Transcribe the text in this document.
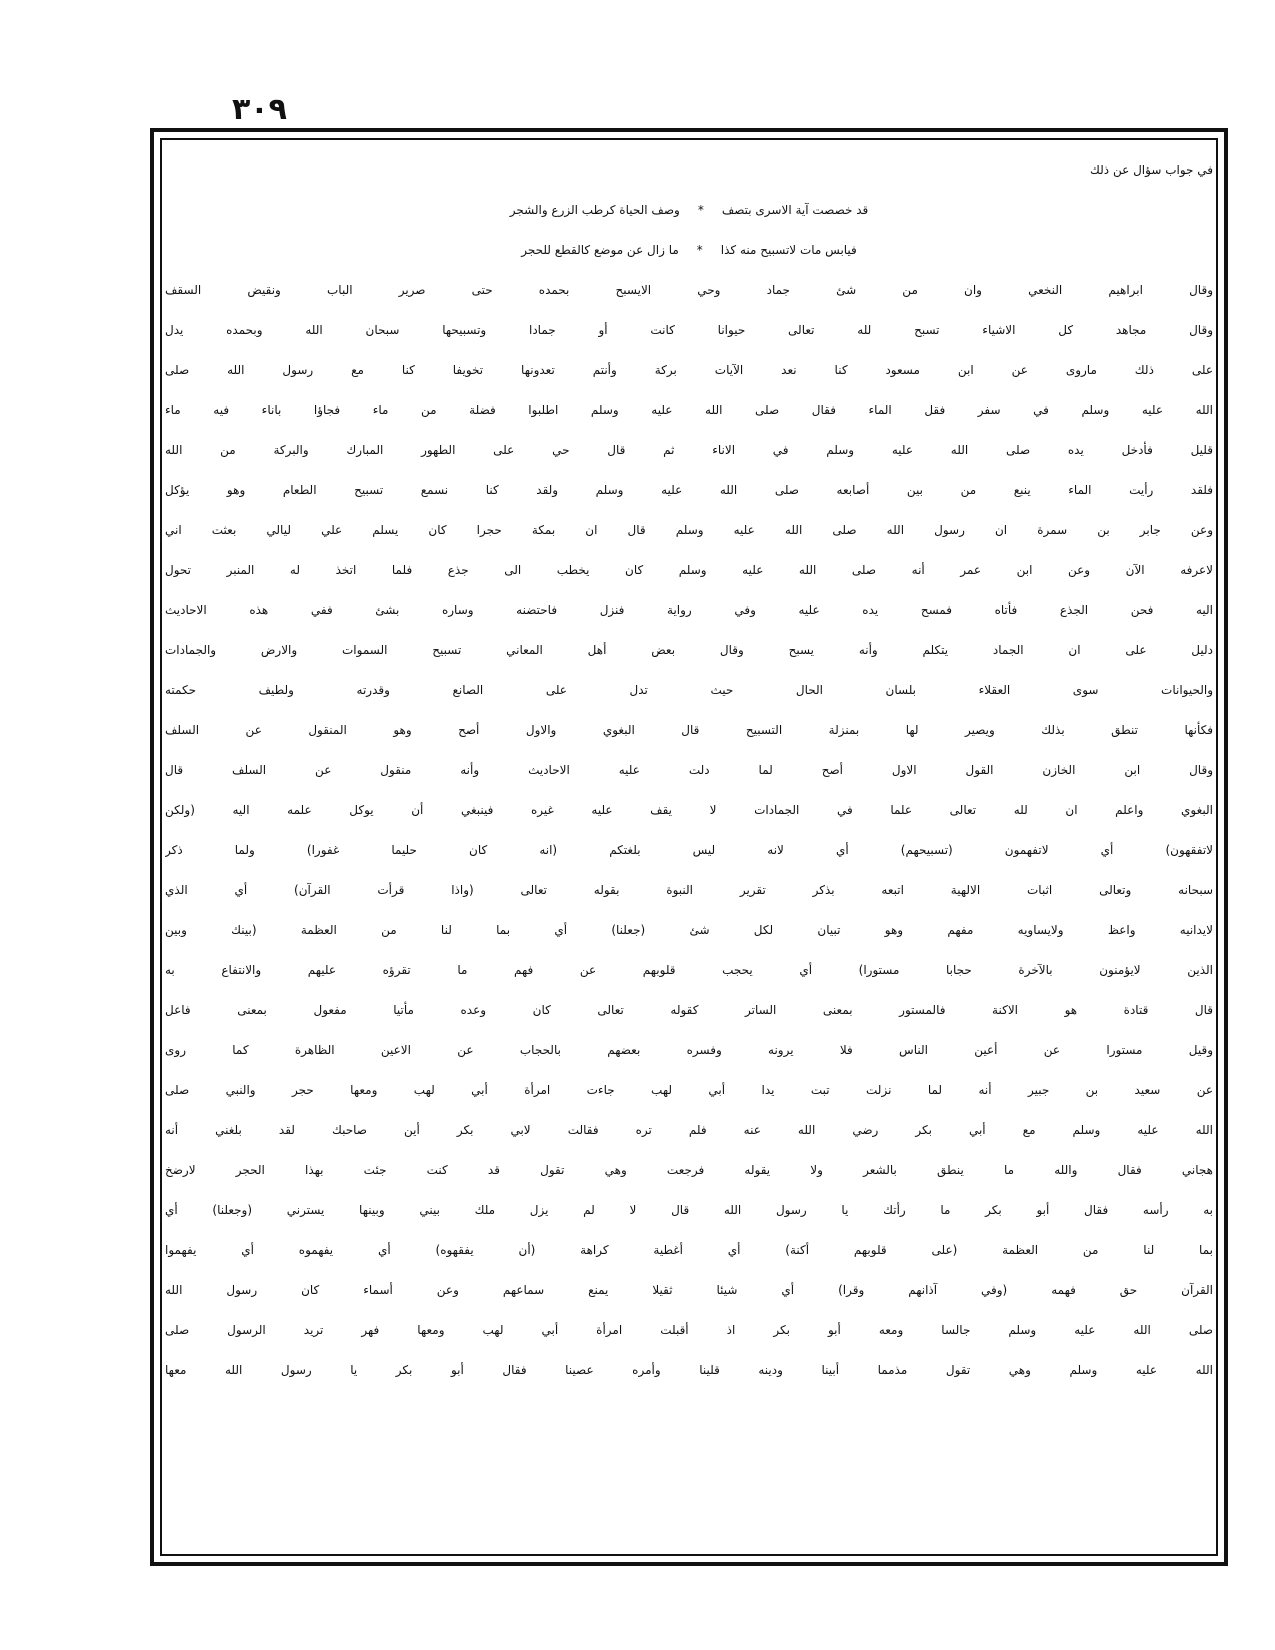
٣٠٩
في جواب سؤال عن ذلك
قد خصصت آية الاسرى بتصف
*
وصف الحياة كرطب الزرع والشجر
فيابس مات لاتسبيح منه كذا
*
ما زال عن موضع كالقطع للحجر
وقال ابراهيم النخعي وان من شئ جماد وحي الايسبح بحمده حتى صرير الباب ونقيض السقف
وقال مجاهد كل الاشياء تسبح لله تعالى حيوانا كانت أو جمادا وتسبيحها سبحان الله وبحمده يدل
على ذلك ماروى عن ابن مسعود كنا نعد الآيات بركة وأنتم تعدونها تخويفا كنا مع رسول الله صلى
الله عليه وسلم في سفر فقل الماء فقال صلى الله عليه وسلم اطلبوا فضلة من ماء فجاؤا باناء فيه ماء
قليل فأدخل يده صلى الله عليه وسلم في الاناء ثم قال حي على الطهور المبارك والبركة من الله
فلقد رأيت الماء ينبع من بين أصابعه صلى الله عليه وسلم ولقد كنا نسمع تسبيح الطعام وهو يؤكل
وعن جابر بن سمرة ان رسول الله صلى الله عليه وسلم قال ان بمكة حجرا كان يسلم علي ليالي بعثت اني
لاعرفه الآن وعن ابن عمر أنه صلى الله عليه وسلم كان يخطب الى جذع فلما اتخذ له المنبر تحول
اليه فحن الجذع فأتاه فمسح يده عليه وفي رواية فنزل فاحتضنه وساره بشئ ففي هذه الاحاديث
دليل على ان الجماد يتكلم وأنه يسبح وقال بعض أهل المعاني تسبيح السموات والارض والجمادات
والحيوانات سوى العقلاء بلسان الحال حيث تدل على الصانع وقدرته ولطيف حكمته
فكأنها تنطق بذلك ويصير لها بمنزلة التسبيح قال البغوي والاول أصح وهو المنقول عن السلف
وقال ابن الخازن القول الاول أصح لما دلت عليه الاحاديث وأنه منقول عن السلف قال
البغوي واعلم ان لله تعالى علما في الجمادات لا يقف عليه غيره فينبغي أن يوكل علمه اليه (ولكن
لاتفقهون) أي لاتفهمون (تسبيحهم) أي لانه ليس بلغتكم (انه كان حليما غفورا) ولما ذكر
سبحانه وتعالى اثبات الالهية اتبعه بذكر تقرير النبوة بقوله تعالى (واذا قرأت القرآن) أي الذي
لايدانيه واعظ ولايساويه مفهم وهو تبيان لكل شئ (جعلنا) أي بما لنا من العظمة (بينك وبين
الذين لايؤمنون بالآخرة حجابا مستورا) أي يحجب قلوبهم عن فهم ما تقرؤه عليهم والانتفاع به
قال قتادة هو الاكنة فالمستور بمعنى الساتر كقوله تعالى كان وعده مأتيا مفعول بمعنى فاعل
وقيل مستورا عن أعين الناس فلا يرونه وفسره بعضهم بالحجاب عن الاعين الظاهرة كما روى
عن سعيد بن جبير أنه لما نزلت تبت يدا أبي لهب جاءت امرأة أبي لهب ومعها حجر والنبي صلى
الله عليه وسلم مع أبي بكر رضي الله عنه فلم تره فقالت لابي بكر أين صاحبك لقد بلغني أنه
هجاني فقال والله ما ينطق بالشعر ولا يقوله فرجعت وهي تقول قد كنت جئت بهذا الحجر لارضخ
به رأسه فقال أبو بكر ما رأتك يا رسول الله قال لا لم يزل ملك بيني وبينها يسترني (وجعلنا) أي
بما لنا من العظمة (على قلوبهم أكنة) أي أغطية كراهة (أن يفقهوه) أي يفهموه أي يفهموا
القرآن حق فهمه (وفي آذانهم وقرا) أي شيئا ثقيلا يمنع سماعهم وعن أسماء كان رسول الله
صلى الله عليه وسلم جالسا ومعه أبو بكر اذ أقبلت امرأة أبي لهب ومعها فهر تريد الرسول صلى
الله عليه وسلم وهي تقول مذمما أبينا ودينه قلينا وأمره عصينا فقال أبو بكر يا رسول الله معها
